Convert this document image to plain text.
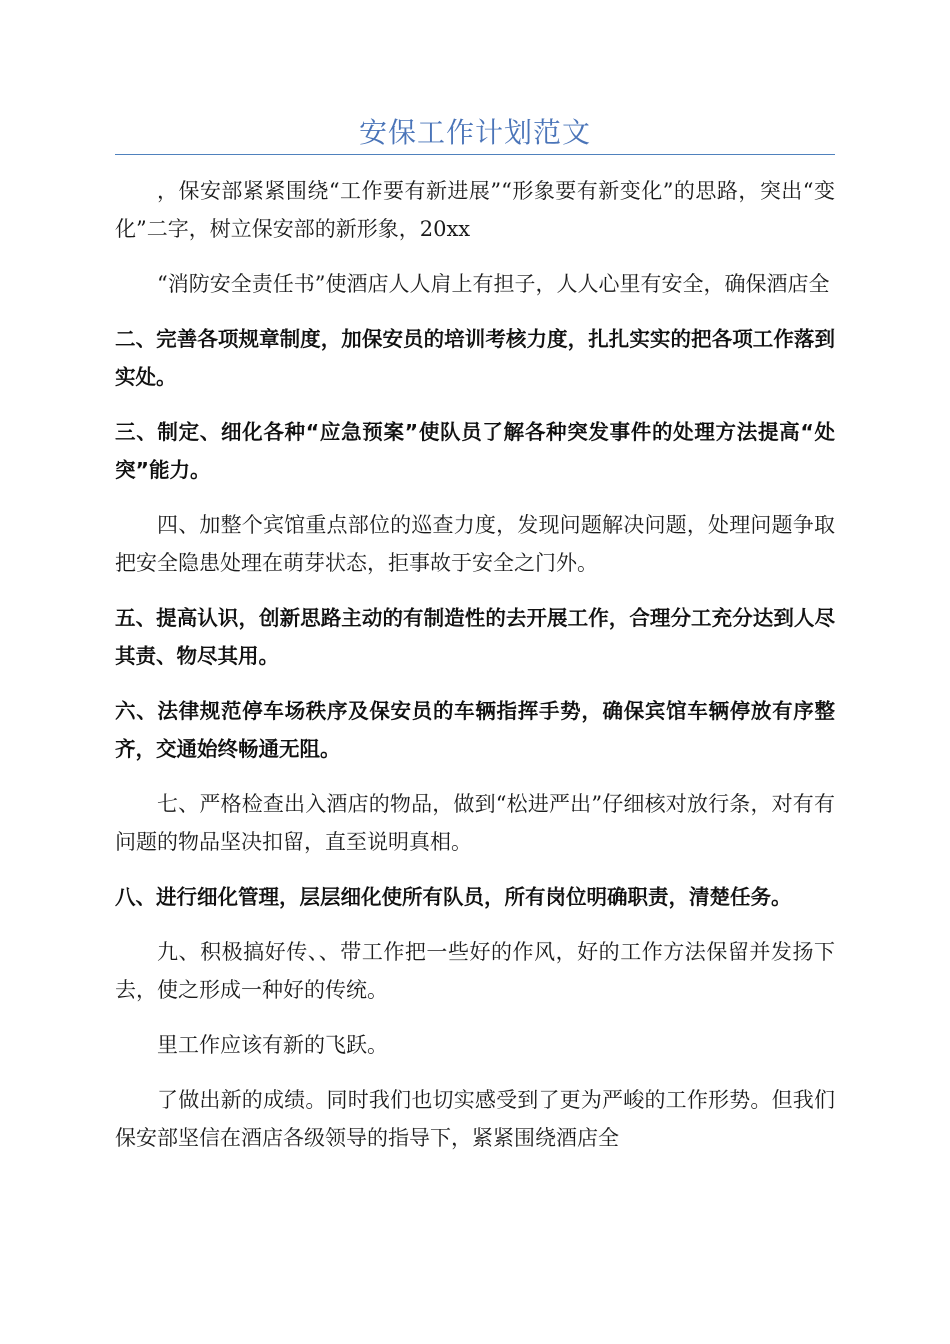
安保工作计划范文

，保安部紧紧围绕“工作要有新进展”“形象要有新变化”的思路，突出“变化”二字，树立保安部的新形象，20xx

“消防安全责任书”使酒店人人肩上有担子，人人心里有安全，确保酒店全

二、完善各项规章制度，加保安员的培训考核力度，扎扎实实的把各项工作落到实处。

三、制定、细化各种“应急预案”使队员了解各种突发事件的处理方法提高“处突”能力。

四、加整个宾馆重点部位的巡查力度，发现问题解决问题，处理问题争取把安全隐患处理在萌芽状态，拒事故于安全之门外。

五、提高认识，创新思路主动的有制造性的去开展工作，合理分工充分达到人尽其责、物尽其用。

六、法律规范停车场秩序及保安员的车辆指挥手势，确保宾馆车辆停放有序整齐，交通始终畅通无阻。

七、严格检查出入酒店的物品，做到“松进严出”仔细核对放行条，对有有问题的物品坚决扣留，直至说明真相。

八、进行细化管理，层层细化使所有队员，所有岗位明确职责，清楚任务。

九、积极搞好传、、带工作把一些好的作风，好的工作方法保留并发扬下去，使之形成一种好的传统。

里工作应该有新的飞跃。

了做出新的成绩。同时我们也切实感受到了更为严峻的工作形势。但我们保安部坚信在酒店各级领导的指导下，紧紧围绕酒店全
